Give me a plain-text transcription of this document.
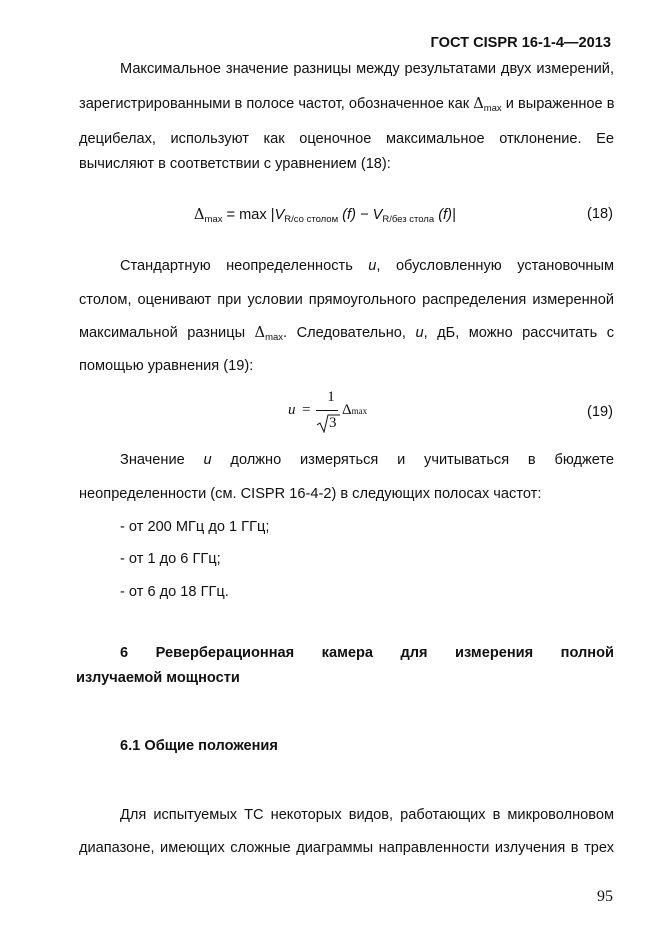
ГОСТ CISPR 16-1-4—2013
Максимальное значение разницы между результатами двух измерений,
зарегистрированными в полосе частот, обозначенное как $\Delta_{max}$ и выраженное в
децибелах, используют как оценочное максимальное отклонение. Ее
вычисляют в соответствии с уравнением (18):
$\Delta_{max} = \max |V_{R/со столом}$ $(f) - V_{R/без стола}$ (f)|	(18)
Стандартную неопределенность u, обусловленную установочным
столом, оценивают при условии прямоугольного распределения измеренной
максимальной разницы $\Delta_{max}$. Следовательно, u, дБ, можно рассчитать с
помощью уравнения (19):
u =
1
3
Δmax	(19)
Значение u должно измеряться и учитываться в бюджете
неопределенности (см. CISPR 16-4-2) в следующих полосах частот:
- от 200 МГц до 1 ГГц;
- от 1 до 6 ГГц;
- от 6 до 18 ГГц.
6 Реверберационная камера для измерения полной
излучаемой мощности
6.1 Общие положения
Для испытуемых ТС некоторых видов, работающих в микроволновом
диапазоне, имеющих сложные диаграммы направленности излучения в трех
95
